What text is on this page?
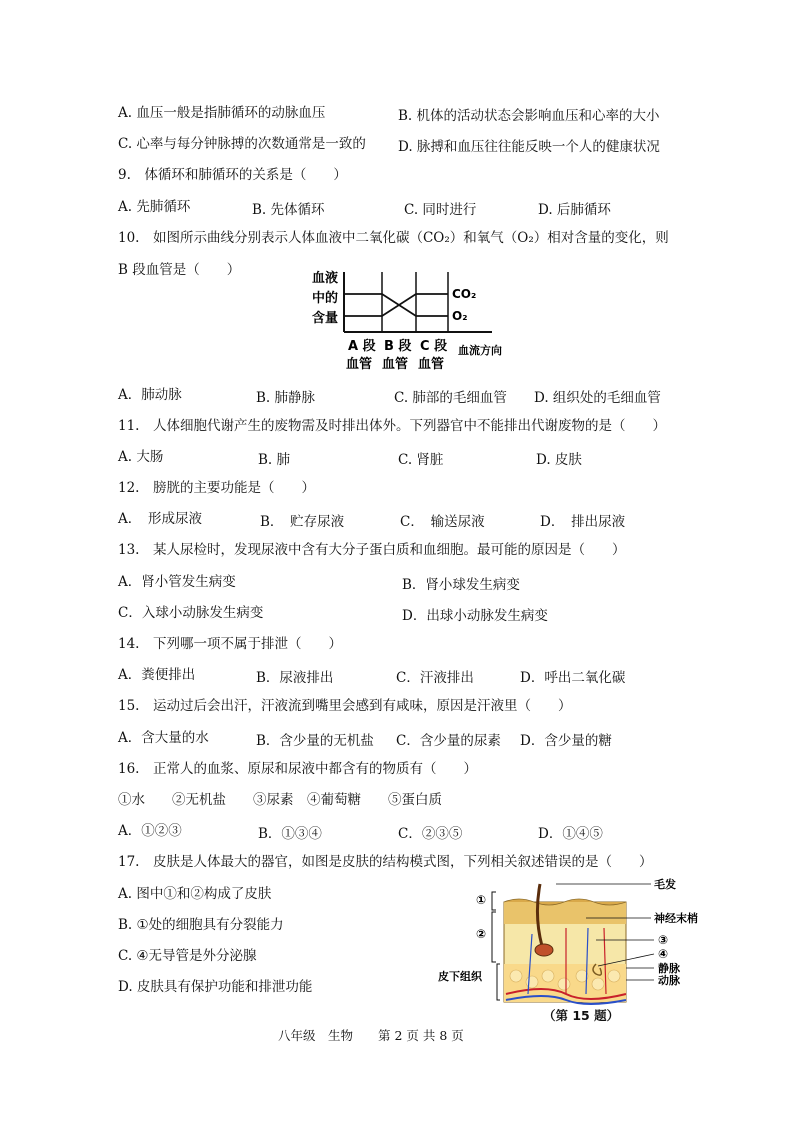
A. 血压一般是指肺循环的动脉血压	B. 机体的活动状态会影响血压和心率的大小
C. 心率与每分钟脉搏的次数通常是一致的 D. 脉搏和血压往往能反映一个人的健康状况
9.　体循环和肺循环的关系是（　　）
A. 先肺循环	B. 先体循环	C. 同时进行	D. 后肺循环
10.　如图所示曲线分别表示人体血液中二氧化碳（CO₂）和氧气（O₂）相对含量的变化，则
B 段血管是（　　）
血液
中的
含量
CO₂
O₂
A 段
血管
B 段
血管
C 段
血管
血流方向
A．肺动脉	B. 肺静脉	C. 肺部的毛细血管 D. 组织处的毛细血管
11.　人体细胞代谢产生的废物需及时排出体外。下列器官中不能排出代谢废物的是（　　）
A. 大肠	B. 肺	C. 肾脏	D. 皮肤
12.　膀胱的主要功能是（　　）
A．　形成尿液	B．　贮存尿液	C．　输送尿液	D．　排出尿液
13.　某人尿检时，发现尿液中含有大分子蛋白质和血细胞。最可能的原因是（　　）
A．肾小管发生病变	B．肾小球发生病变
C．入球小动脉发生病变	D．出球小动脉发生病变
14.　下列哪一项不属于排泄（　　）
A．粪便排出	B．尿液排出	C．汗液排出	D．呼出二氧化碳
15.　运动过后会出汗，汗液流到嘴里会感到有咸味，原因是汗液里（　　）
A．含大量的水	B．含少量的无机盐 C．含少量的尿素 D．含少量的糖
16.　正常人的血浆、原尿和尿液中都含有的物质有（　　）
①水　　②无机盐　　③尿素　④葡萄糖　　⑤蛋白质
A．①②③	B．①③④	C．②③⑤	D．①④⑤
17.　皮肤是人体最大的器官，如图是皮肤的结构模式图，下列相关叙述错误的是（　　）
A. 图中①和②构成了皮肤
B. ①处的细胞具有分裂能力
C. ④无导管是外分泌腺
D. 皮肤具有保护功能和排泄功能
毛发
神经末梢
③
④
静脉
动脉
①
②
皮下组织
（第 15 题）
八年级　生物　　第 2 页 共 8 页
